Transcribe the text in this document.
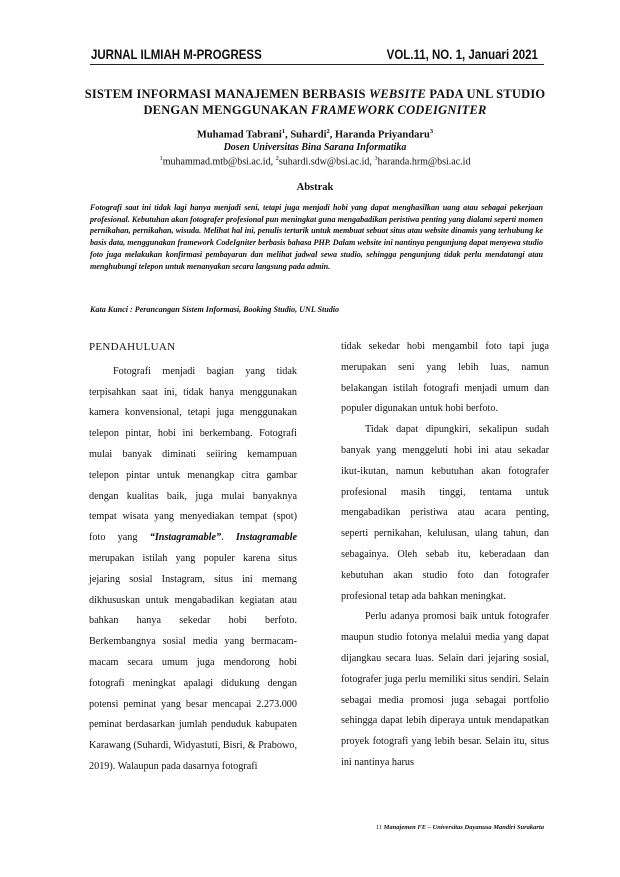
JURNAL ILMIAH M-PROGRESS	VOL.11, NO. 1, Januari 2021
SISTEM INFORMASI MANAJEMEN BERBASIS WEBSITE PADA UNL STUDIO
DENGAN MENGGUNAKAN FRAMEWORK CODEIGNITER
Muhamad Tabrani$^1$, Suhardi$^2$, Haranda Priyandaru$^3$
Dosen Universitas Bina Sarana Informatika
$^1$muhammad.mtb@bsi.ac.id, $^2$suhardi.sdw@bsi.ac.id, $^3$haranda.hrm@bsi.ac.id
Abstrak
Fotografi saat ini tidak lagi hanya menjadi seni, tetapi juga menjadi hobi yang dapat menghasilkan uang atau sebagai pekerjaan profesional. Kebutuhan akan fotografer profesional pun meningkat guna mengabadikan peristiwa penting yang dialami seperti momen pernikahan, pernikahan, wisuda. Melihat hal ini, penulis tertarik untuk membuat sebuat situs atau website dinamis yang terhubung ke basis data, menggunakan framework CodeIgniter berbasis bahasa PHP. Dalam website ini nantinya pengunjung dapat menyewa studio foto juga melakukan konfirmasi pembayaran dan melihat jadwal sewa studio, sehingga pengunjung tidak perlu mendatangi atau menghubungi telepon untuk menanyakan secara langsung pada admin.
Kata Kunci : Perancangan Sistem Informasi, Booking Studio, UNL Studio

PENDAHULUAN

Fotografi menjadi bagian yang tidak terpisahkan saat ini, tidak hanya menggunakan kamera konvensional, tetapi juga menggunakan telepon pintar, hobi ini berkembang. Fotografi mulai banyak diminati seiiring kemampuan telepon pintar untuk menangkap citra gambar dengan kualitas baik, juga mulai banyaknya tempat wisata yang menyediakan tempat (spot) foto yang “Instagramable”. Instagramable merupakan istilah yang populer karena situs jejaring sosial Instagram, situs ini memang dikhususkan untuk mengabadikan kegiatan atau bahkan hanya sekedar hobi berfoto. Berkembangnya sosial media yang bermacam-macam secara umum juga mendorong hobi fotografi meningkat apalagi didukung dengan potensi peminat yang besar mencapai 2.273.000 peminat berdasarkan jumlah penduduk kabupaten Karawang (Suhardi, Widyastuti, Bisri, & Prabowo, 2019). Walaupun pada dasarnya fotografi

tidak sekedar hobi mengambil foto tapi juga merupakan seni yang lebih luas, namun belakangan istilah fotografi menjadi umum dan populer digunakan untuk hobi berfoto.

Tidak dapat dipungkiri, sekalipun sudah banyak yang menggeluti hobi ini atau sekadar ikut-ikutan, namun kebutuhan akan fotografer profesional masih tinggi, tentama untuk mengabadikan peristiwa atau acara penting, seperti pernikahan, kelulusan, ulang tahun, dan sebagainya. Oleh sebab itu, keberadaan dan kebutuhan akan studio foto dan fotografer profesional tetap ada bahkan meningkat.

Perlu adanya promosi baik untuk fotografer maupun studio fotonya melalui media yang dapat dijangkau secara luas. Selain dari jejaring sosial, fotografer juga perlu memiliki situs sendiri. Selain sebagai media promosi juga sebagai portfolio sehingga dapat lebih diperaya untuk mendapatkan proyek fotografi yang lebih besar. Selain itu, situs ini nantinya harus

11 Manajemen FE – Universitas Dayanusa Mandiri Surakarta
